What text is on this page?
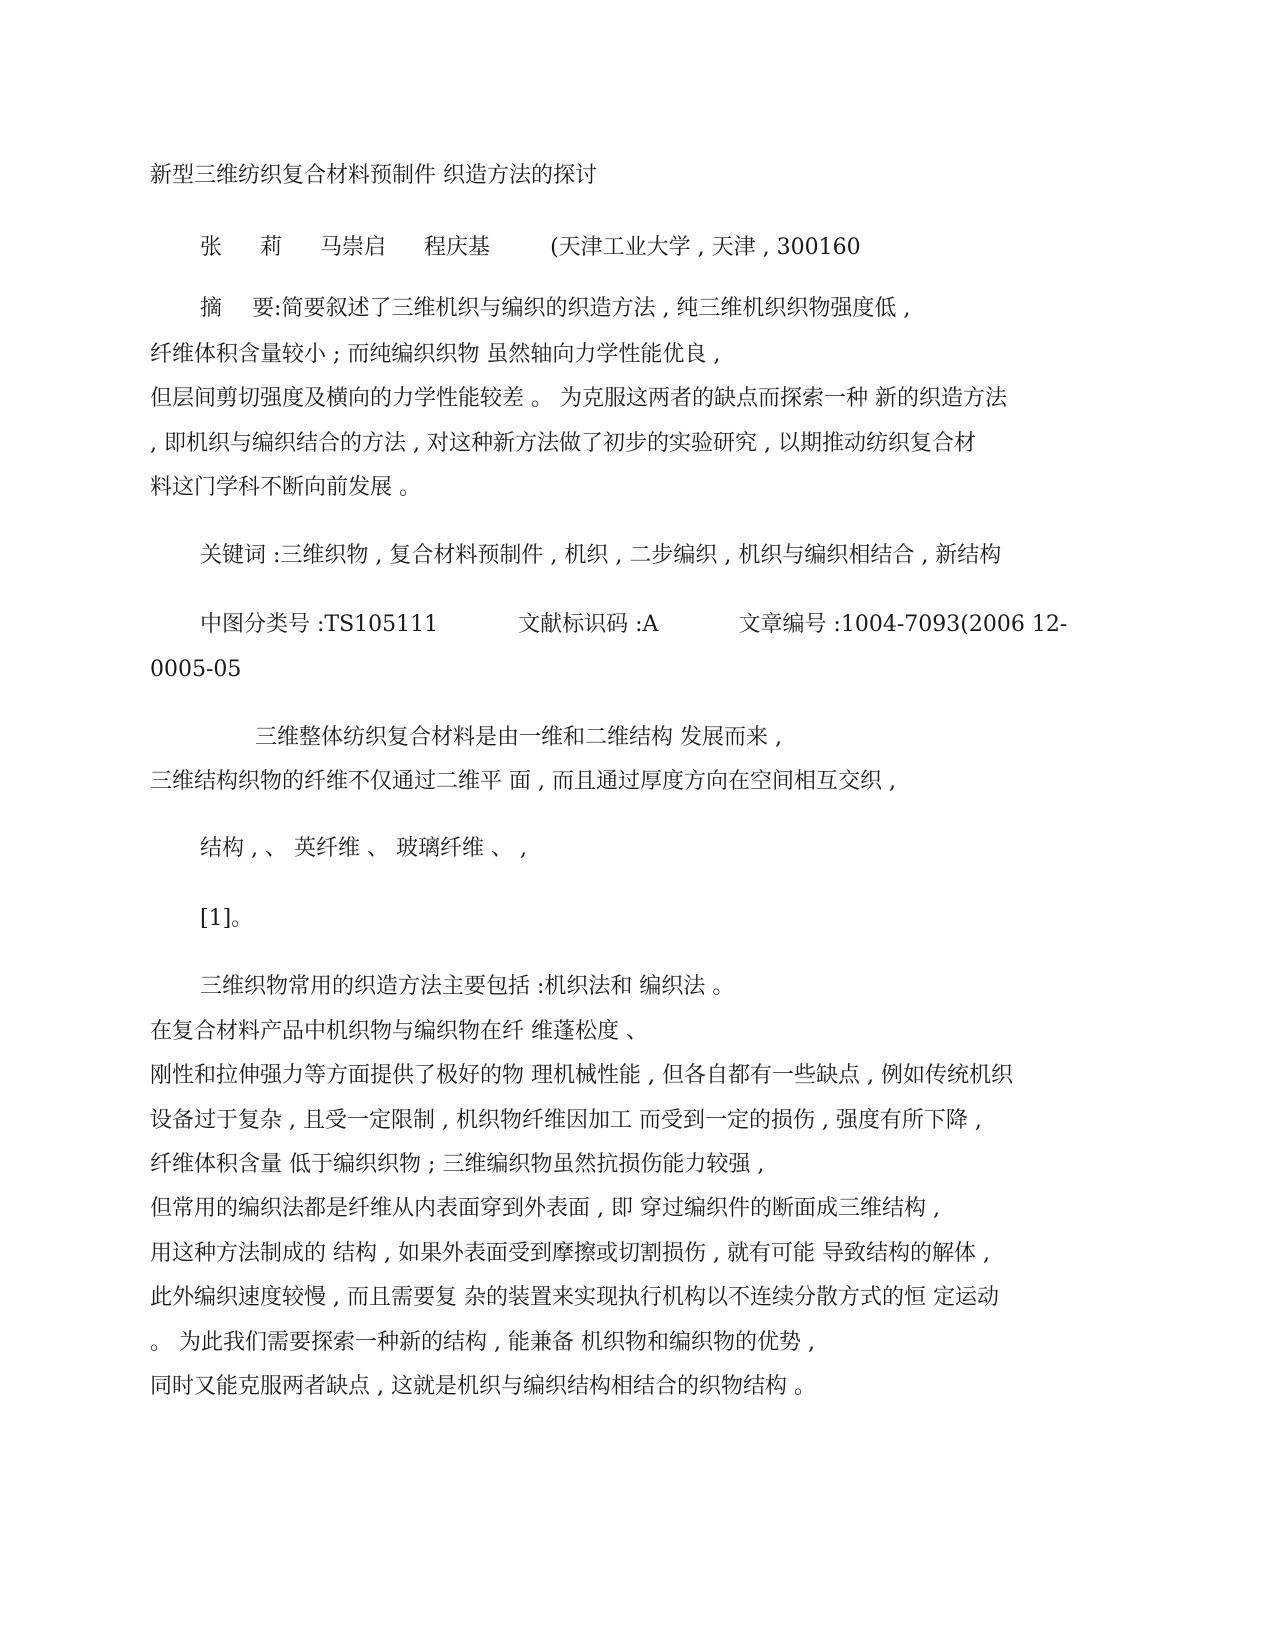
新型三维纺织复合材料预制件 织造方法的探讨
张 莉 马崇启 程庆基	(天津工业大学 , 天津 , 300160
摘 要:简要叙述了三维机织与编织的织造方法 , 纯三维机织织物强度低 ,
纤维体积含量较小 ; 而纯编织织物 虽然轴向力学性能优良 ,
但层间剪切强度及横向的力学性能较差 。 为克服这两者的缺点而探索一种 新的织造方法
, 即机织与编织结合的方法 , 对这种新方法做了初步的实验研究 , 以期推动纺织复合材
料这门学科不断向前发展 。
关键词 :三维织物 , 复合材料预制件 , 机织 , 二步编织 , 机织与编织相结合 , 新结构
中图分类号 :TS105111	文献标识码 :A	文章编号 :1004-7093(2006 12-
0005-05
三维整体纺织复合材料是由一维和二维结构 发展而来 ,
三维结构织物的纤维不仅通过二维平 面 , 而且通过厚度方向在空间相互交织 ,
结构 , 、 英纤维 、 玻璃纤维 、 ,
[1]。
三维织物常用的织造方法主要包括 :机织法和 编织法 。
在复合材料产品中机织物与编织物在纤 维蓬松度 、
刚性和拉伸强力等方面提供了极好的物 理机械性能 , 但各自都有一些缺点 , 例如传统机织
设备过于复杂 , 且受一定限制 , 机织物纤维因加工 而受到一定的损伤 , 强度有所下降 ,
纤维体积含量 低于编织织物 ; 三维编织物虽然抗损伤能力较强 ,
但常用的编织法都是纤维从内表面穿到外表面 , 即 穿过编织件的断面成三维结构 ,
用这种方法制成的 结构 , 如果外表面受到摩擦或切割损伤 , 就有可能 导致结构的解体 ,
此外编织速度较慢 , 而且需要复 杂的装置来实现执行机构以不连续分散方式的恒 定运动
。 为此我们需要探索一种新的结构 , 能兼备 机织物和编织物的优势 ,
同时又能克服两者缺点 , 这就是机织与编织结构相结合的织物结构 。
